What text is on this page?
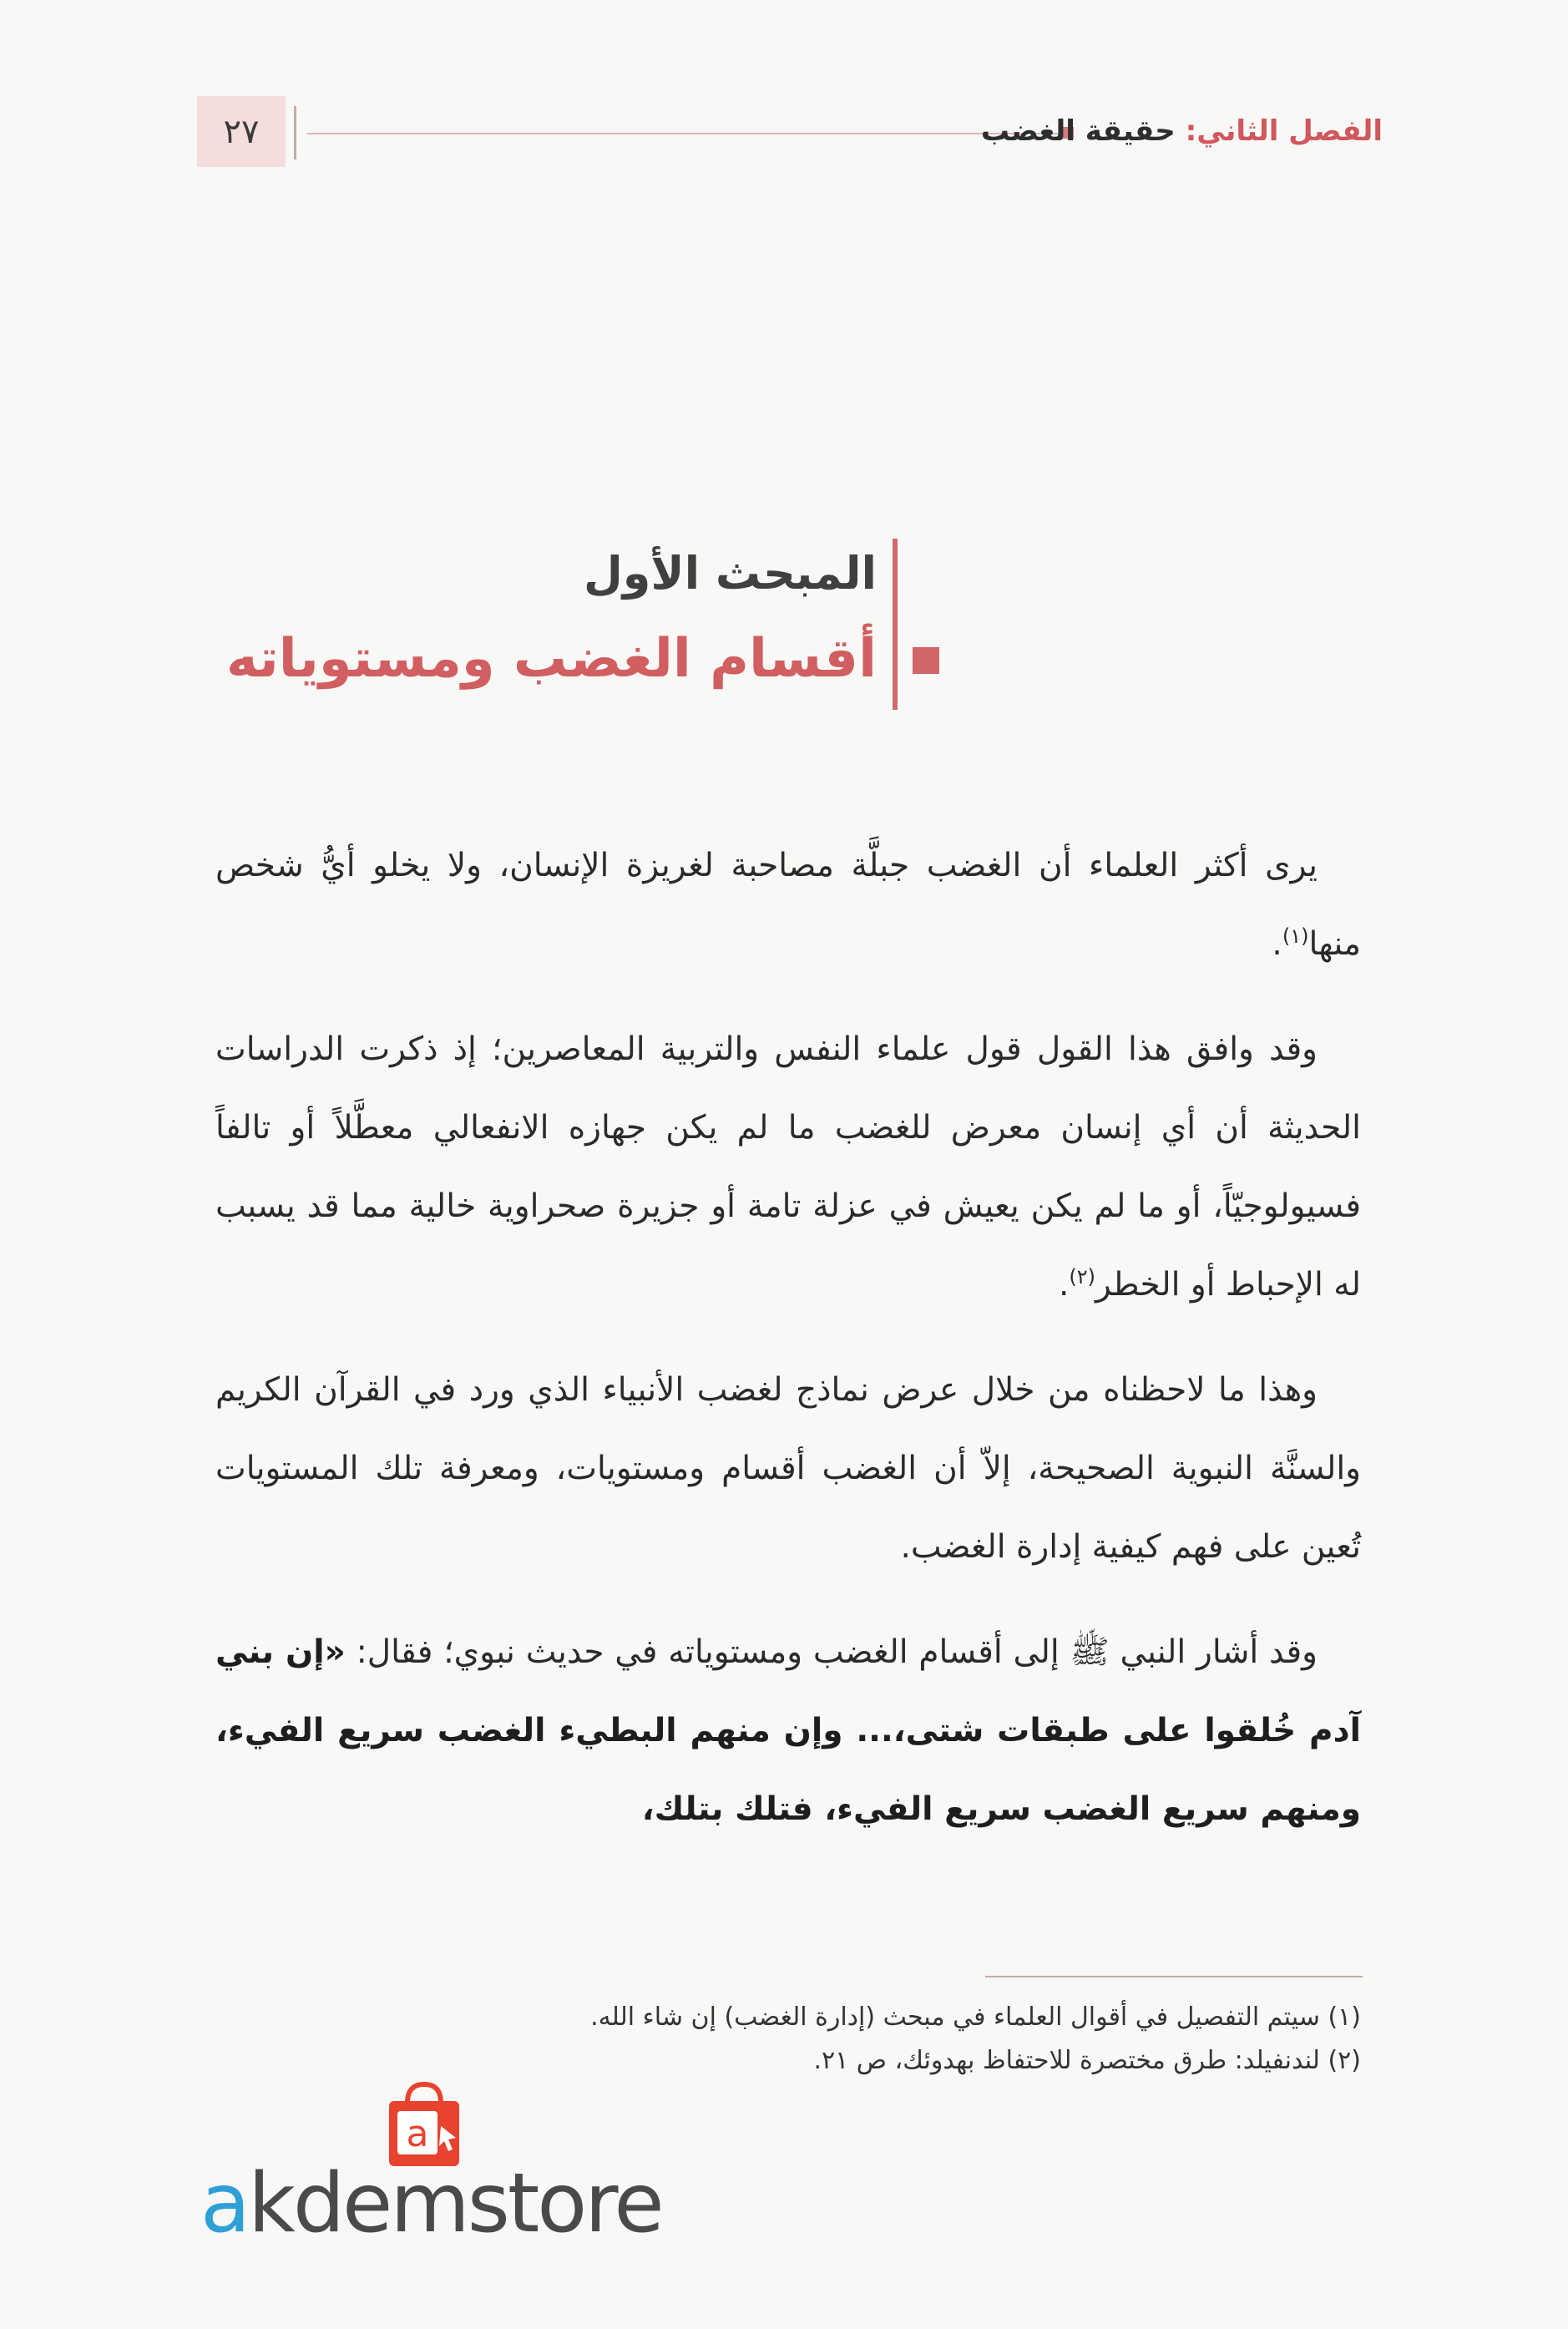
٢٧	الفصل الثاني: حقيقة الغضب
المبحث الأول
أقسام الغضب ومستوياته

يرى أكثر العلماء أن الغضب جبلَّة مصاحبة لغريزة الإنسان، ولا يخلو أيُّ شخص منها$^{(١)}$.

وقد وافق هذا القول قول علماء النفس والتربية المعاصرين؛ إذ ذكرت الدراسات الحديثة أن أي إنسان معرض للغضب ما لم يكن جهازه الانفعالي معطَّلاً أو تالفاً فسيولوجيّاً، أو ما لم يكن يعيش في عزلة تامة أو جزيرة صحراوية خالية مما قد يسبب له الإحباط أو الخطر$^{(٢)}$.

وهذا ما لاحظناه من خلال عرض نماذج لغضب الأنبياء الذي ورد في القرآن الكريم والسنَّة النبوية الصحيحة، إلاّ أن الغضب أقسام ومستويات، ومعرفة تلك المستويات تُعين على فهم كيفية إدارة الغضب.

وقد أشار النبي ﷺ إلى أقسام الغضب ومستوياته في حديث نبوي؛ فقال: «إن بني آدم خُلقوا على طبقات شتى،... وإن منهم البطيء الغضب سريع الفيء، ومنهم سريع الغضب سريع الفيء، فتلك بتلك،

(١) سيتم التفصيل في أقوال العلماء في مبحث (إدارة الغضب) إن شاء الله.
(٢) لندنفيلد: طرق مختصرة للاحتفاظ بهدوئك، ص ٢١.
a
akdemstore
